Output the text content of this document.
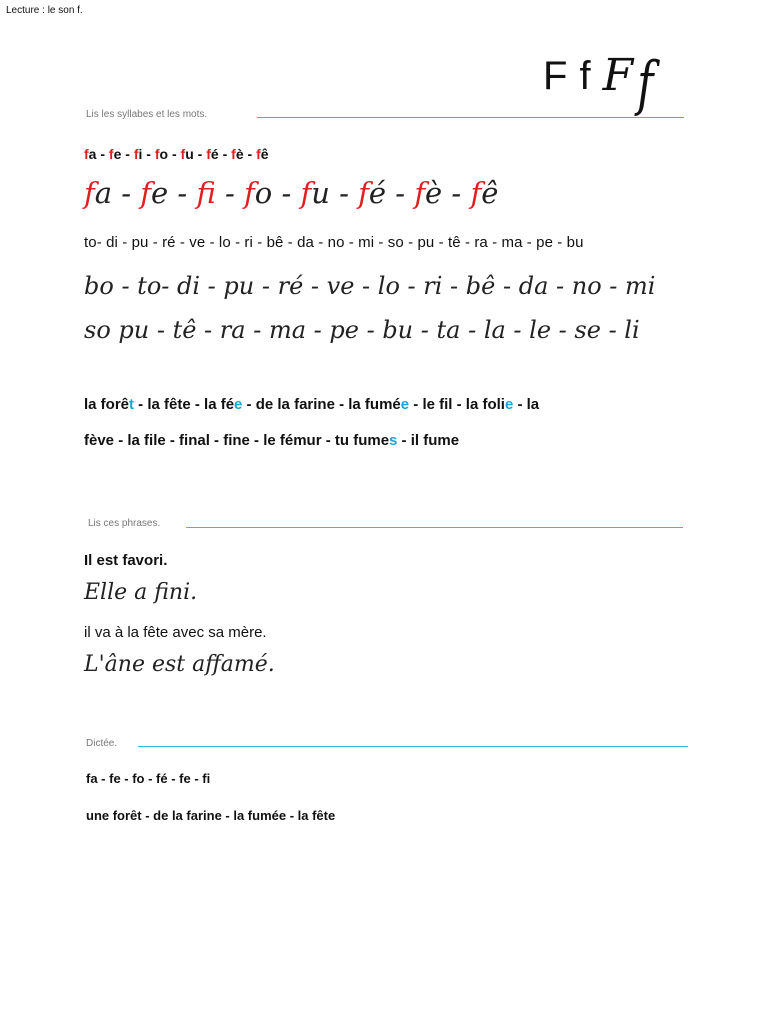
Lecture : le son f.
F f F f
Lis les syllabes et les mots.
fa - fe - fi - fo - fu - fé - fè - fê
fa - fe - f - fo - fu - fé - fè - fê
to- di - pu - ré - ve - lo - ri - bê - da - no - mi - so - pu - tê - ra - ma - pe - bu
bo - to- di - pu - ré - ve - lo - ri - bê - da - no - mi
so pu - tê - ra - ma - pe - bu - ta - la - le - se - li
la forêt - la fête - la fée - de la farine - la fumée - le fil - la folie - la
fève - la file - final - fine - le fémur - tu fumes - il fume
Lis ces phrases.
Il est favori.
Elle a fini.
il va à la fête avec sa mère.
L'âne est affamé.
Dictée.
fa - fe - fo - fé - fe - fi
une forêt - de la farine - la fumée - la fête
